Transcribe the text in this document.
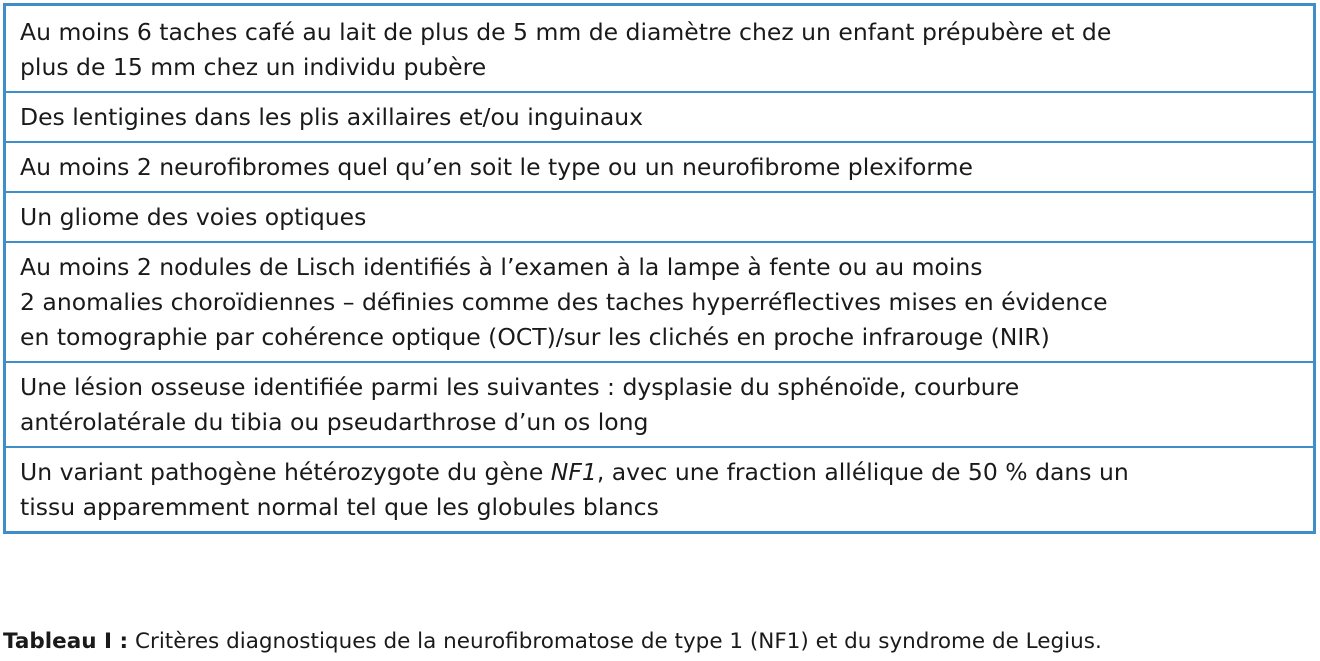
Au moins 6 taches café au lait de plus de 5 mm de diamètre chez un enfant prépubère et de
plus de 15 mm chez un individu pubère
Des lentigines dans les plis axillaires et/ou inguinaux
Au moins 2 neurofibromes quel qu’en soit le type ou un neurofibrome plexiforme
Un gliome des voies optiques
Au moins 2 nodules de Lisch identifiés à l’examen à la lampe à fente ou au moins
2 anomalies choroïdiennes – définies comme des taches hyperréflectives mises en évidence
en tomographie par cohérence optique (OCT)/sur les clichés en proche infrarouge (NIR)
Une lésion osseuse identifiée parmi les suivantes : dysplasie du sphénoïde, courbure
antérolatérale du tibia ou pseudarthrose d’un os long
Un variant pathogène hétérozygote du gène NF1, avec une fraction allélique de 50 % dans un
tissu apparemment normal tel que les globules blancs
Tableau I : Critères diagnostiques de la neurofibromatose de type 1 (NF1) et du syndrome de Legius.
